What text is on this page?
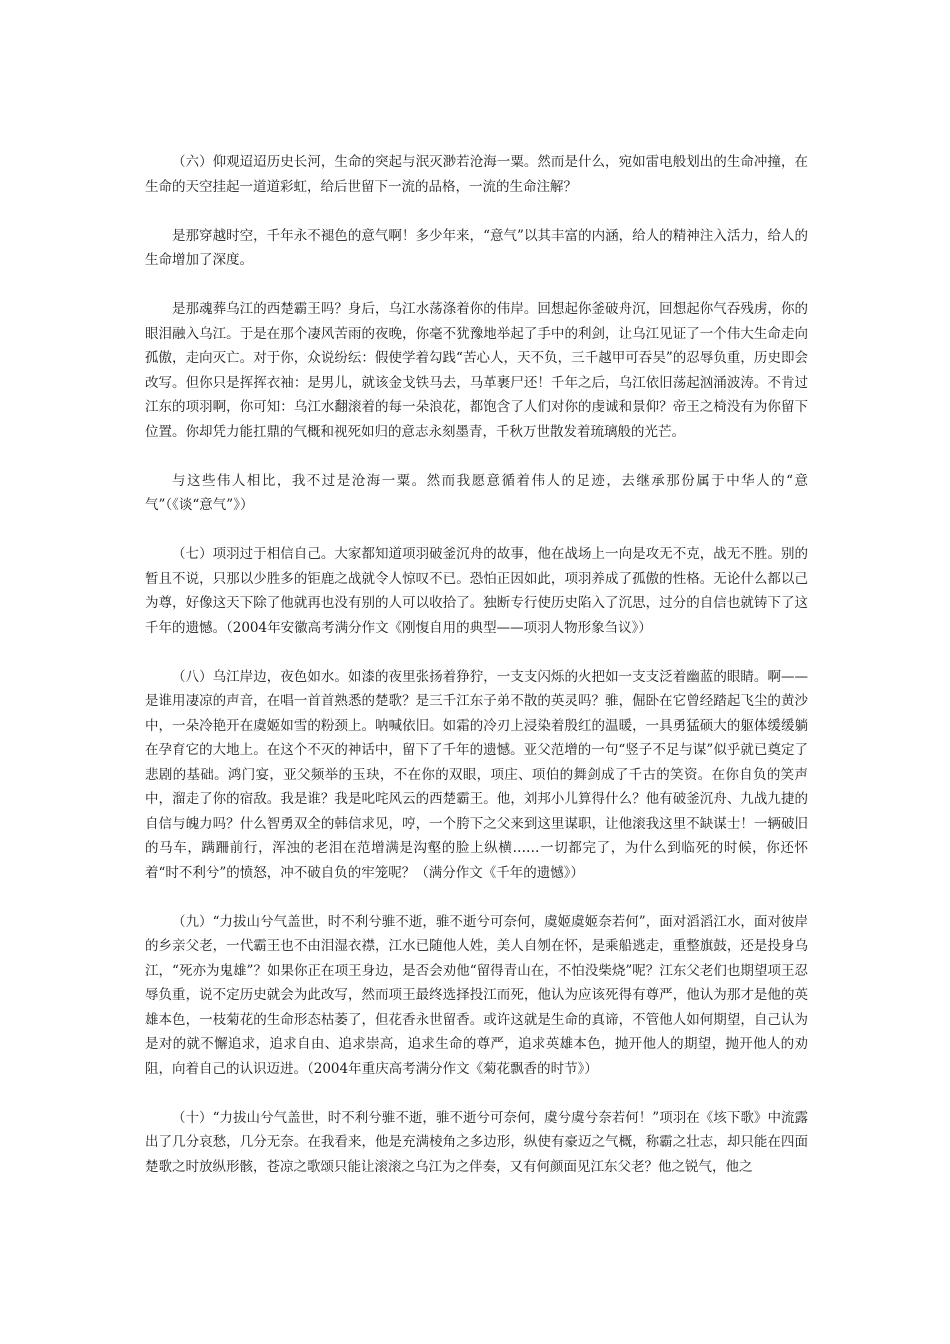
（六）仰观迢迢历史长河，生命的突起与泯灭渺若沧海一粟。然而是什么，宛如雷电般划出的生命冲撞，在生命的天空挂起一道道彩虹，给后世留下一流的品格，一流的生命注解？

是那穿越时空，千年永不褪色的意气啊！多少年来，“意气”以其丰富的内涵，给人的精神注入活力，给人的生命增加了深度。

是那魂葬乌江的西楚霸王吗？身后，乌江水荡涤着你的伟岸。回想起你釜破舟沉，回想起你气吞残虏，你的眼泪融入乌江。于是在那个凄风苦雨的夜晚，你毫不犹豫地举起了手中的利剑，让乌江见证了一个伟大生命走向孤傲，走向灭亡。对于你，众说纷纭：假使学着勾践“苦心人，天不负，三千越甲可吞吴”的忍辱负重，历史即会改写。但你只是挥挥衣袖：是男儿，就该金戈铁马去，马革裹尸还！千年之后，乌江依旧荡起汹涌波涛。不肯过江东的项羽啊，你可知：乌江水翻滚着的每一朵浪花，都饱含了人们对你的虔诚和景仰？帝王之椅没有为你留下位置。你却凭力能扛鼎的气概和视死如归的意志永刻墨青，千秋万世散发着琉璃般的光芒。

与这些伟人相比，我不过是沧海一粟。然而我愿意循着伟人的足迹，去继承那份属于中华人的“意气”（《谈“意气”》）

（七）项羽过于相信自己。大家都知道项羽破釜沉舟的故事，他在战场上一向是攻无不克，战无不胜。别的暂且不说，只那以少胜多的钜鹿之战就令人惊叹不已。恐怕正因如此，项羽养成了孤傲的性格。无论什么都以己为尊，好像这天下除了他就再也没有别的人可以收拾了。独断专行使历史陷入了沉思，过分的自信也就铸下了这千年的遗憾。（2004年安徽高考满分作文《刚愎自用的典型——项羽人物形象刍议》）

（八）乌江岸边，夜色如水。如漆的夜里张扬着狰狞，一支支闪烁的火把如一支支泛着幽蓝的眼睛。啊——是谁用凄凉的声音，在唱一首首熟悉的楚歌？是三千江东子弟不散的英灵吗？骓，倔卧在它曾经踏起飞尘的黄沙中，一朵冷艳开在虞姬如雪的粉颈上。呐喊依旧。如霜的冷刃上浸染着殷红的温暖，一具勇猛硕大的躯体缓缓躺在孕育它的大地上。在这个不灭的神话中，留下了千年的遗憾。亚父范增的一句“竖子不足与谋”似乎就已奠定了悲剧的基础。鸿门宴，亚父频举的玉玦，不在你的双眼，项庄、项伯的舞剑成了千古的笑资。在你自负的笑声中，溜走了你的宿敌。我是谁？我是叱咤风云的西楚霸王。他，刘邦小儿算得什么？他有破釜沉舟、九战九捷的自信与魄力吗？什么智勇双全的韩信求见，哼，一个胯下之父来到这里谋职，让他滚我这里不缺谋士！一辆破旧的马车，蹒跚前行，浑浊的老泪在范增满是沟壑的脸上纵横……一切都完了，为什么到临死的时候，你还怀着“时不利兮”的愤怒，冲不破自负的牢笼呢？（满分作文《千年的遗憾》）

（九）“力拔山兮气盖世，时不利兮骓不逝，骓不逝兮可奈何，虞姬虞姬奈若何”，面对滔滔江水，面对彼岸的乡亲父老，一代霸王也不由泪湿衣襟，江水已随他人姓，美人自刎在怀，是乘船逃走，重整旗鼓，还是投身乌江，“死亦为鬼雄”？如果你正在项王身边，是否会劝他“留得青山在，不怕没柴烧”呢？江东父老们也期望项王忍辱负重，说不定历史就会为此改写，然而项王最终选择投江而死，他认为应该死得有尊严，他认为那才是他的英雄本色，一枝菊花的生命形态枯萎了，但花香永世留香。或许这就是生命的真谛，不管他人如何期望，自己认为是对的就不懈追求，追求自由、追求崇高，追求生命的尊严，追求英雄本色，抛开他人的期望，抛开他人的劝阻，向着自己的认识迈进。（2004年重庆高考满分作文《菊花飘香的时节》）

（十）“力拔山兮气盖世，时不利兮骓不逝，骓不逝兮可奈何，虞兮虞兮奈若何！”项羽在《垓下歌》中流露出了几分哀愁，几分无奈。在我看来，他是充满棱角之多边形，纵使有豪迈之气概，称霸之壮志，却只能在四面楚歌之时放纵形骸，苍凉之歌颂只能让滚滚之乌江为之伴奏，又有何颜面见江东父老？他之锐气，他之
